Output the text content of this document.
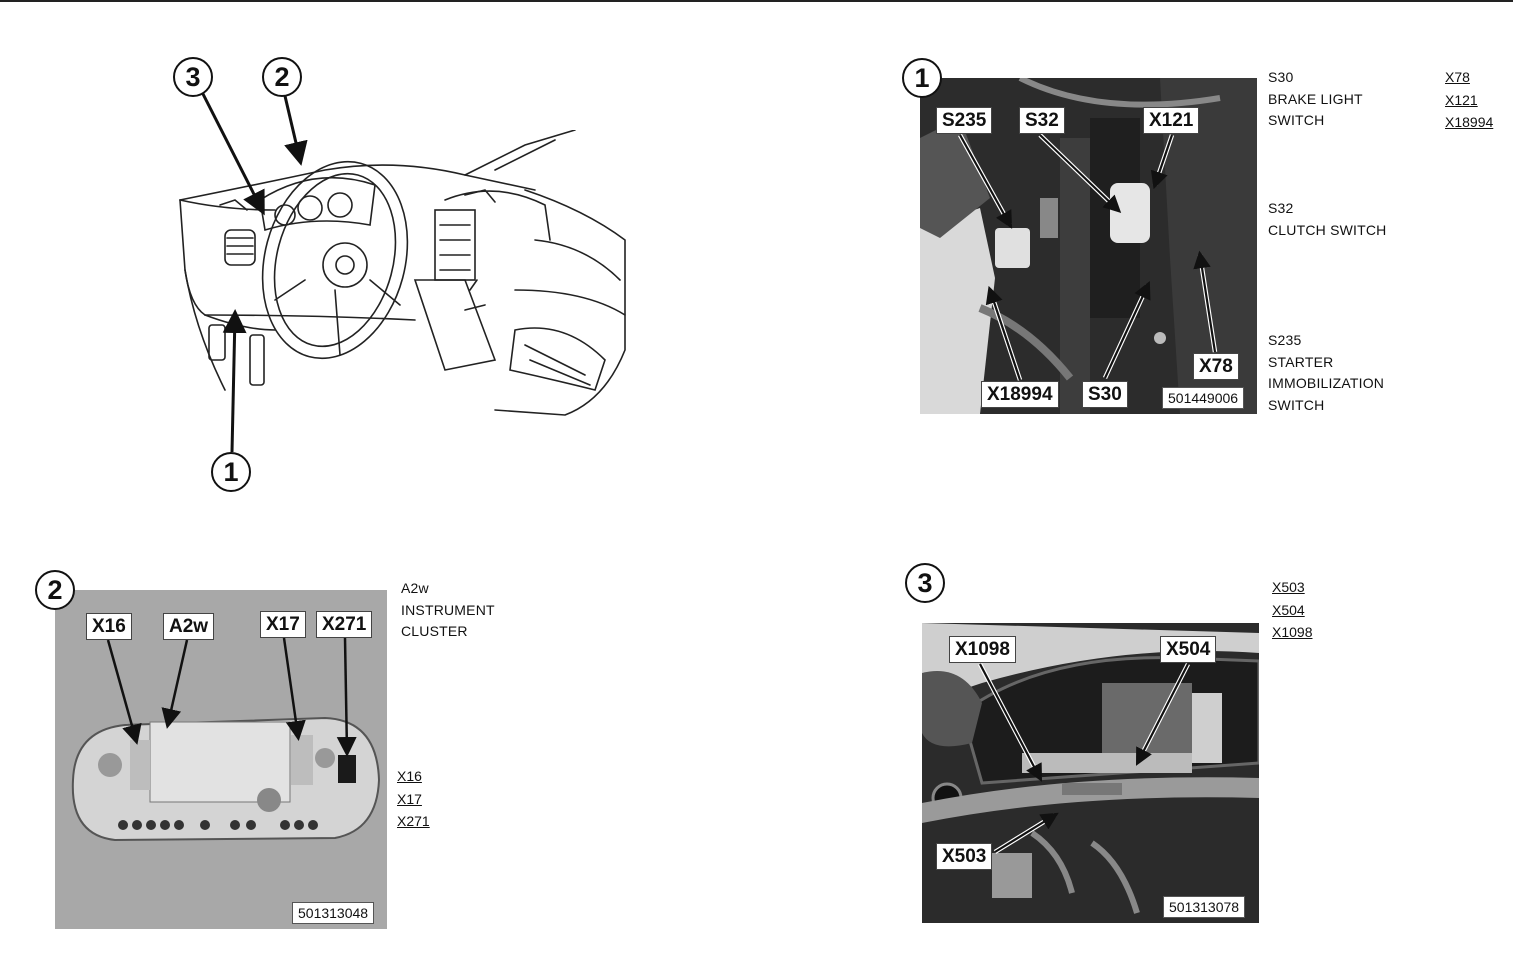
3	2
1
S235	S32	X121
X18994	S30
X78
501449006
1	S30
BRAKE LIGHT
SWITCH
S32
CLUTCH SWITCH
S235
STARTER
IMMOBILIZATION
SWITCH
X78
X121
X18994
X16	A2w	X17	X271
501313048
2	A2w
INSTRUMENT
CLUSTER
X16
X17
X271
X1098	X504
X503
501313078
3	X503
X504
X1098
